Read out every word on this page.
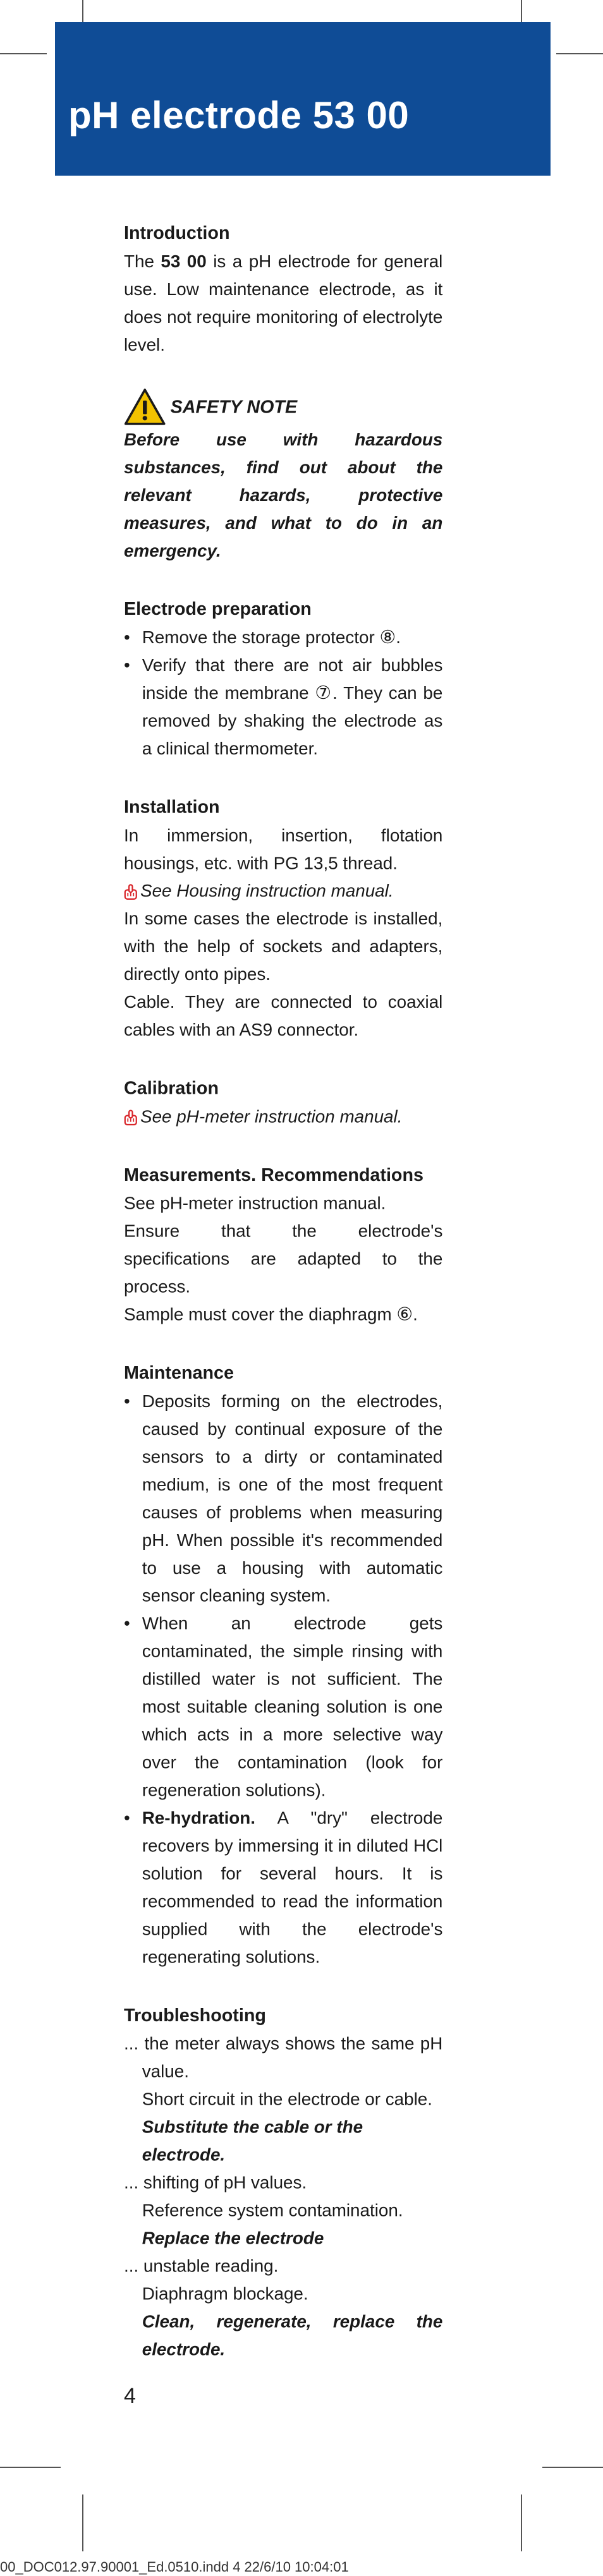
pH electrode 53 00
Introduction

The 53 00 is a pH electrode for general use. Low maintenance electrode, as it does not require monitoring of electrolyte level.

SAFETY NOTE

Before use with hazardous substances, find out about the relevant hazards, protective measures, and what to do in an emergency.

Electrode preparation
• Remove the storage protector ⑧.
• Verify that there are not air bubbles inside the membrane ⑦. They can be removed by shaking the electrode as a clinical thermometer.
Installation

In immersion, insertion, flotation housings, etc. with PG 13,5 thread.

See Housing instruction manual.

In some cases the electrode is installed, with the help of sockets and adapters, directly onto pipes.

Cable. They are connected to coaxial cables with an AS9 connector.

Calibration

See pH-meter instruction manual.

Measurements. Recommendations

See pH-meter instruction manual.

Ensure that the electrode's specifications are adapted to the process.

Sample must cover the diaphragm ⑥.

Maintenance
• Deposits forming on the electrodes, caused by continual exposure of the sensors to a dirty or contaminated medium, is one of the most frequent causes of problems when measuring pH. When possible it's recommended to use a housing with automatic sensor cleaning system.
• When an electrode gets contaminated, the simple rinsing with distilled water is not sufficient. The most suitable cleaning solution is one which acts in a more selective way over the contamination (look for regeneration solutions).
• Re-hydration. A "dry" electrode recovers by immersing it in diluted HCl solution for several hours. It is recommended to read the information supplied with the electrode's regenerating solutions.
Troubleshooting

... the meter always shows the same pH value.

Short circuit in the electrode or cable.

Substitute the cable or the electrode.

... shifting of pH values.

Reference system contamination.

Replace the electrode

... unstable reading.

Diaphragm blockage.

Clean, regenerate, replace the electrode.

4
00_DOC012.97.90001_Ed.0510.indd 4 22/6/10 10:04:01
